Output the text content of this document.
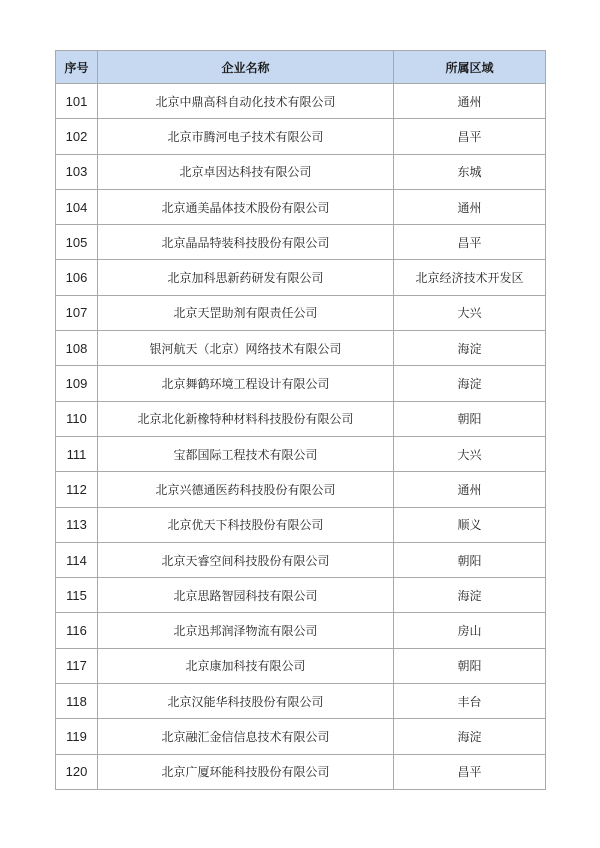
序号	企业名称	所属区域
101	北京中鼎高科自动化技术有限公司	通州
102	北京市腾河电子技术有限公司	昌平
103	北京卓因达科技有限公司	东城
104	北京通美晶体技术股份有限公司	通州
105	北京晶品特装科技股份有限公司	昌平
106	北京加科思新药研发有限公司	北京经济技术开发区
107	北京天罡助剂有限责任公司	大兴
108	银河航天（北京）网络技术有限公司	海淀
109	北京舞鹤环境工程设计有限公司	海淀
110	北京北化新橡特种材料科技股份有限公司	朝阳
111	宝都国际工程技术有限公司	大兴
112	北京兴德通医药科技股份有限公司	通州
113	北京优天下科技股份有限公司	顺义
114	北京天睿空间科技股份有限公司	朝阳
115	北京思路智园科技有限公司	海淀
116	北京迅邦润泽物流有限公司	房山
117	北京康加科技有限公司	朝阳
118	北京汉能华科技股份有限公司	丰台
119	北京融汇金信信息技术有限公司	海淀
120	北京广厦环能科技股份有限公司	昌平
